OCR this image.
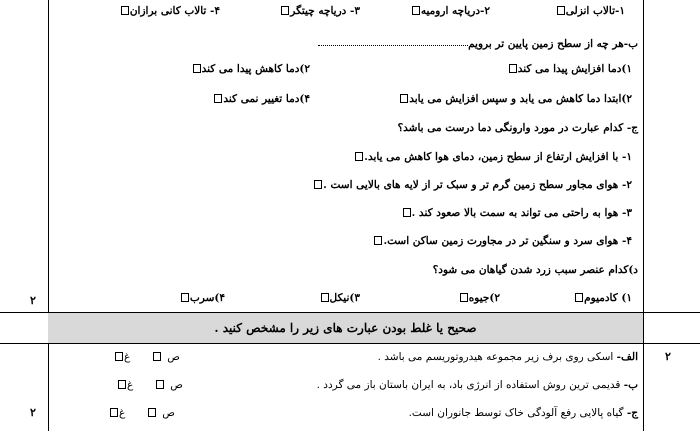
۱-تالاب انزلی
۲-دریاچه ارومیه
۳- دریاچه چیتگر
۴- تالاب کانی برازان
ب-هر چه از سطح زمین پایین تر برویم
۱)دما افزایش پیدا می کند
۲)دما کاهش پیدا می کند
۲)ابتدا دما کاهش می یابد و سپس افزایش می یابد
۴)دما تغییر نمی کند
ج- کدام عبارت در مورد وارونگی دما درست می باشد؟
۱- با افزایش ارتفاع از سطح زمین، دمای هوا کاهش می یابد.
۲- هوای مجاور سطح زمین گرم تر و سبک تر از لایه های بالایی است .
۳- هوا به راحتی می تواند به سمت بالا صعود کند .
۴- هوای سرد و سنگین تر در مجاورت زمین ساکن است.
د)کدام عنصر سبب زرد شدن گیاهان می شود؟
۱) کادمیوم
۲)جیوه
۳)نیکل
۴)سرب
۲
صحیح یا غلط بودن عبارت های زیر را مشخص کنید .
۲
۲
الف- اسکی روی برف زیر مجموعه هیدروتوریسم می باشد .
صغ
ب- قدیمی ترین روش استفاده از انرژی باد، به ایران باستان باز می گردد .
صغ
ج- گیاه پالایی رفع آلودگی خاک توسط جانوران است.
صغ
